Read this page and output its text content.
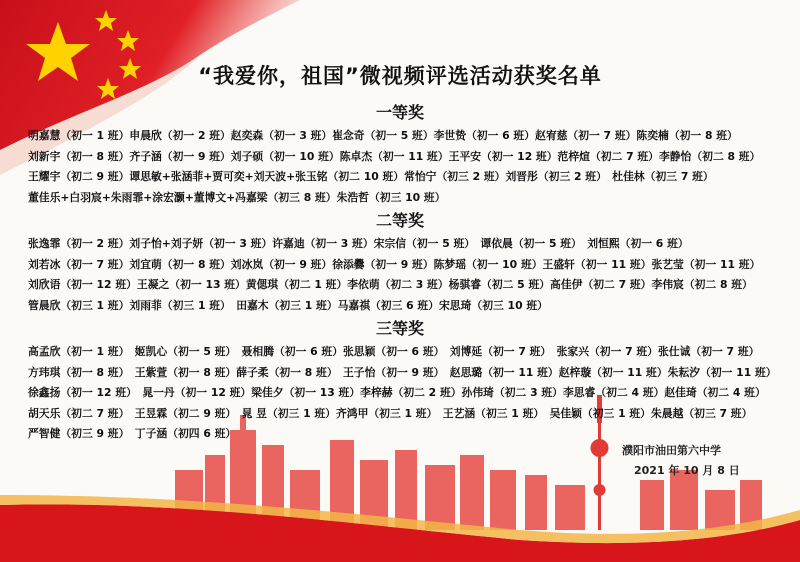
“我爱你，祖国”微视频评选活动获奖名单
一等奖
明嘉慧（初一 1 班）申晨欣（初一 2 班）赵奕森（初一 3 班）崔念奇（初一 5 班）李世贽（初一 6 班）赵宥慈（初一 7 班）陈奕楠（初一 8 班）
刘新宇（初一 8 班）齐子涵（初一 9 班）刘子硕（初一 10 班）陈卓杰（初一 11 班）王平安（初一 12 班）范梓煊（初二 7 班）李静怡（初二 8 班）
王耀宇（初二 9 班）谭思敏+张涵菲+贾可奕+刘天波+张玉铭（初二 10 班）常怡宁（初三 2 班）刘晋彤（初三 2 班）　杜佳林（初三 7 班）
董佳乐+白羽宸+朱雨霏+涂宏灏+董博文+冯嘉梁（初三 8 班）朱浩哲（初三 10 班）
二等奖
张逸霏（初一 2 班）刘子怡+刘子妍（初一 3 班）许嘉迪（初一 3 班）宋宗信（初一 5 班）　谭依晨（初一 5 班）　刘恒熙（初一 6 班）
刘若冰（初一 7 班）刘宜萌（初一 8 班）刘冰岚（初一 9 班）徐添爨（初一 9 班）陈梦瑶（初一 10 班）王盛轩（初一 11 班）张艺莹（初一 11 班）
刘欣语（初一 12 班）王凝之（初一 13 班）黄偲琪（初二 1 班）李依萌（初二 3 班）杨骐睿（初二 5 班）高佳伊（初二 7 班）李伟宸（初二 8 班）
管晨欣（初三 1 班）刘雨菲（初三 1 班）　田嘉木（初三 1 班）马嘉祺（初三 6 班）宋思琦（初三 10 班）
三等奖
高孟欣（初一 1 班）　姬凯心（初一 5 班）　聂相腾（初一 6 班）张思颖（初一 6 班）　刘博延（初一 7 班）　张家兴（初一 7 班）张仕诚（初一 7 班）
方玮琪（初一 8 班）　王紫萱（初一 8 班）薛子柔（初一 8 班）　王子怡（初一 9 班）　赵思璐（初一 11 班）赵梓璇（初一 11 班）朱耘汐（初一 11 班）
徐鑫扬（初一 12 班）　晁一丹（初一 12 班）梁佳夕（初一 13 班）李梓赫（初二 2 班）孙伟琦（初二 3 班）李思睿（初二 4 班）赵佳琦（初二 4 班）
胡天乐（初二 7 班）　王昱霖（初二 9 班）　晁 昱（初三 1 班）齐鸿甲（初三 1 班）　王艺涵（初三 1 班）　吴佳颖（初三 1 班）朱晨越（初三 7 班）
严智健（初三 9 班）　丁子涵（初四 6 班）
濮阳市油田第六中学
2021 年 10 月 8 日
